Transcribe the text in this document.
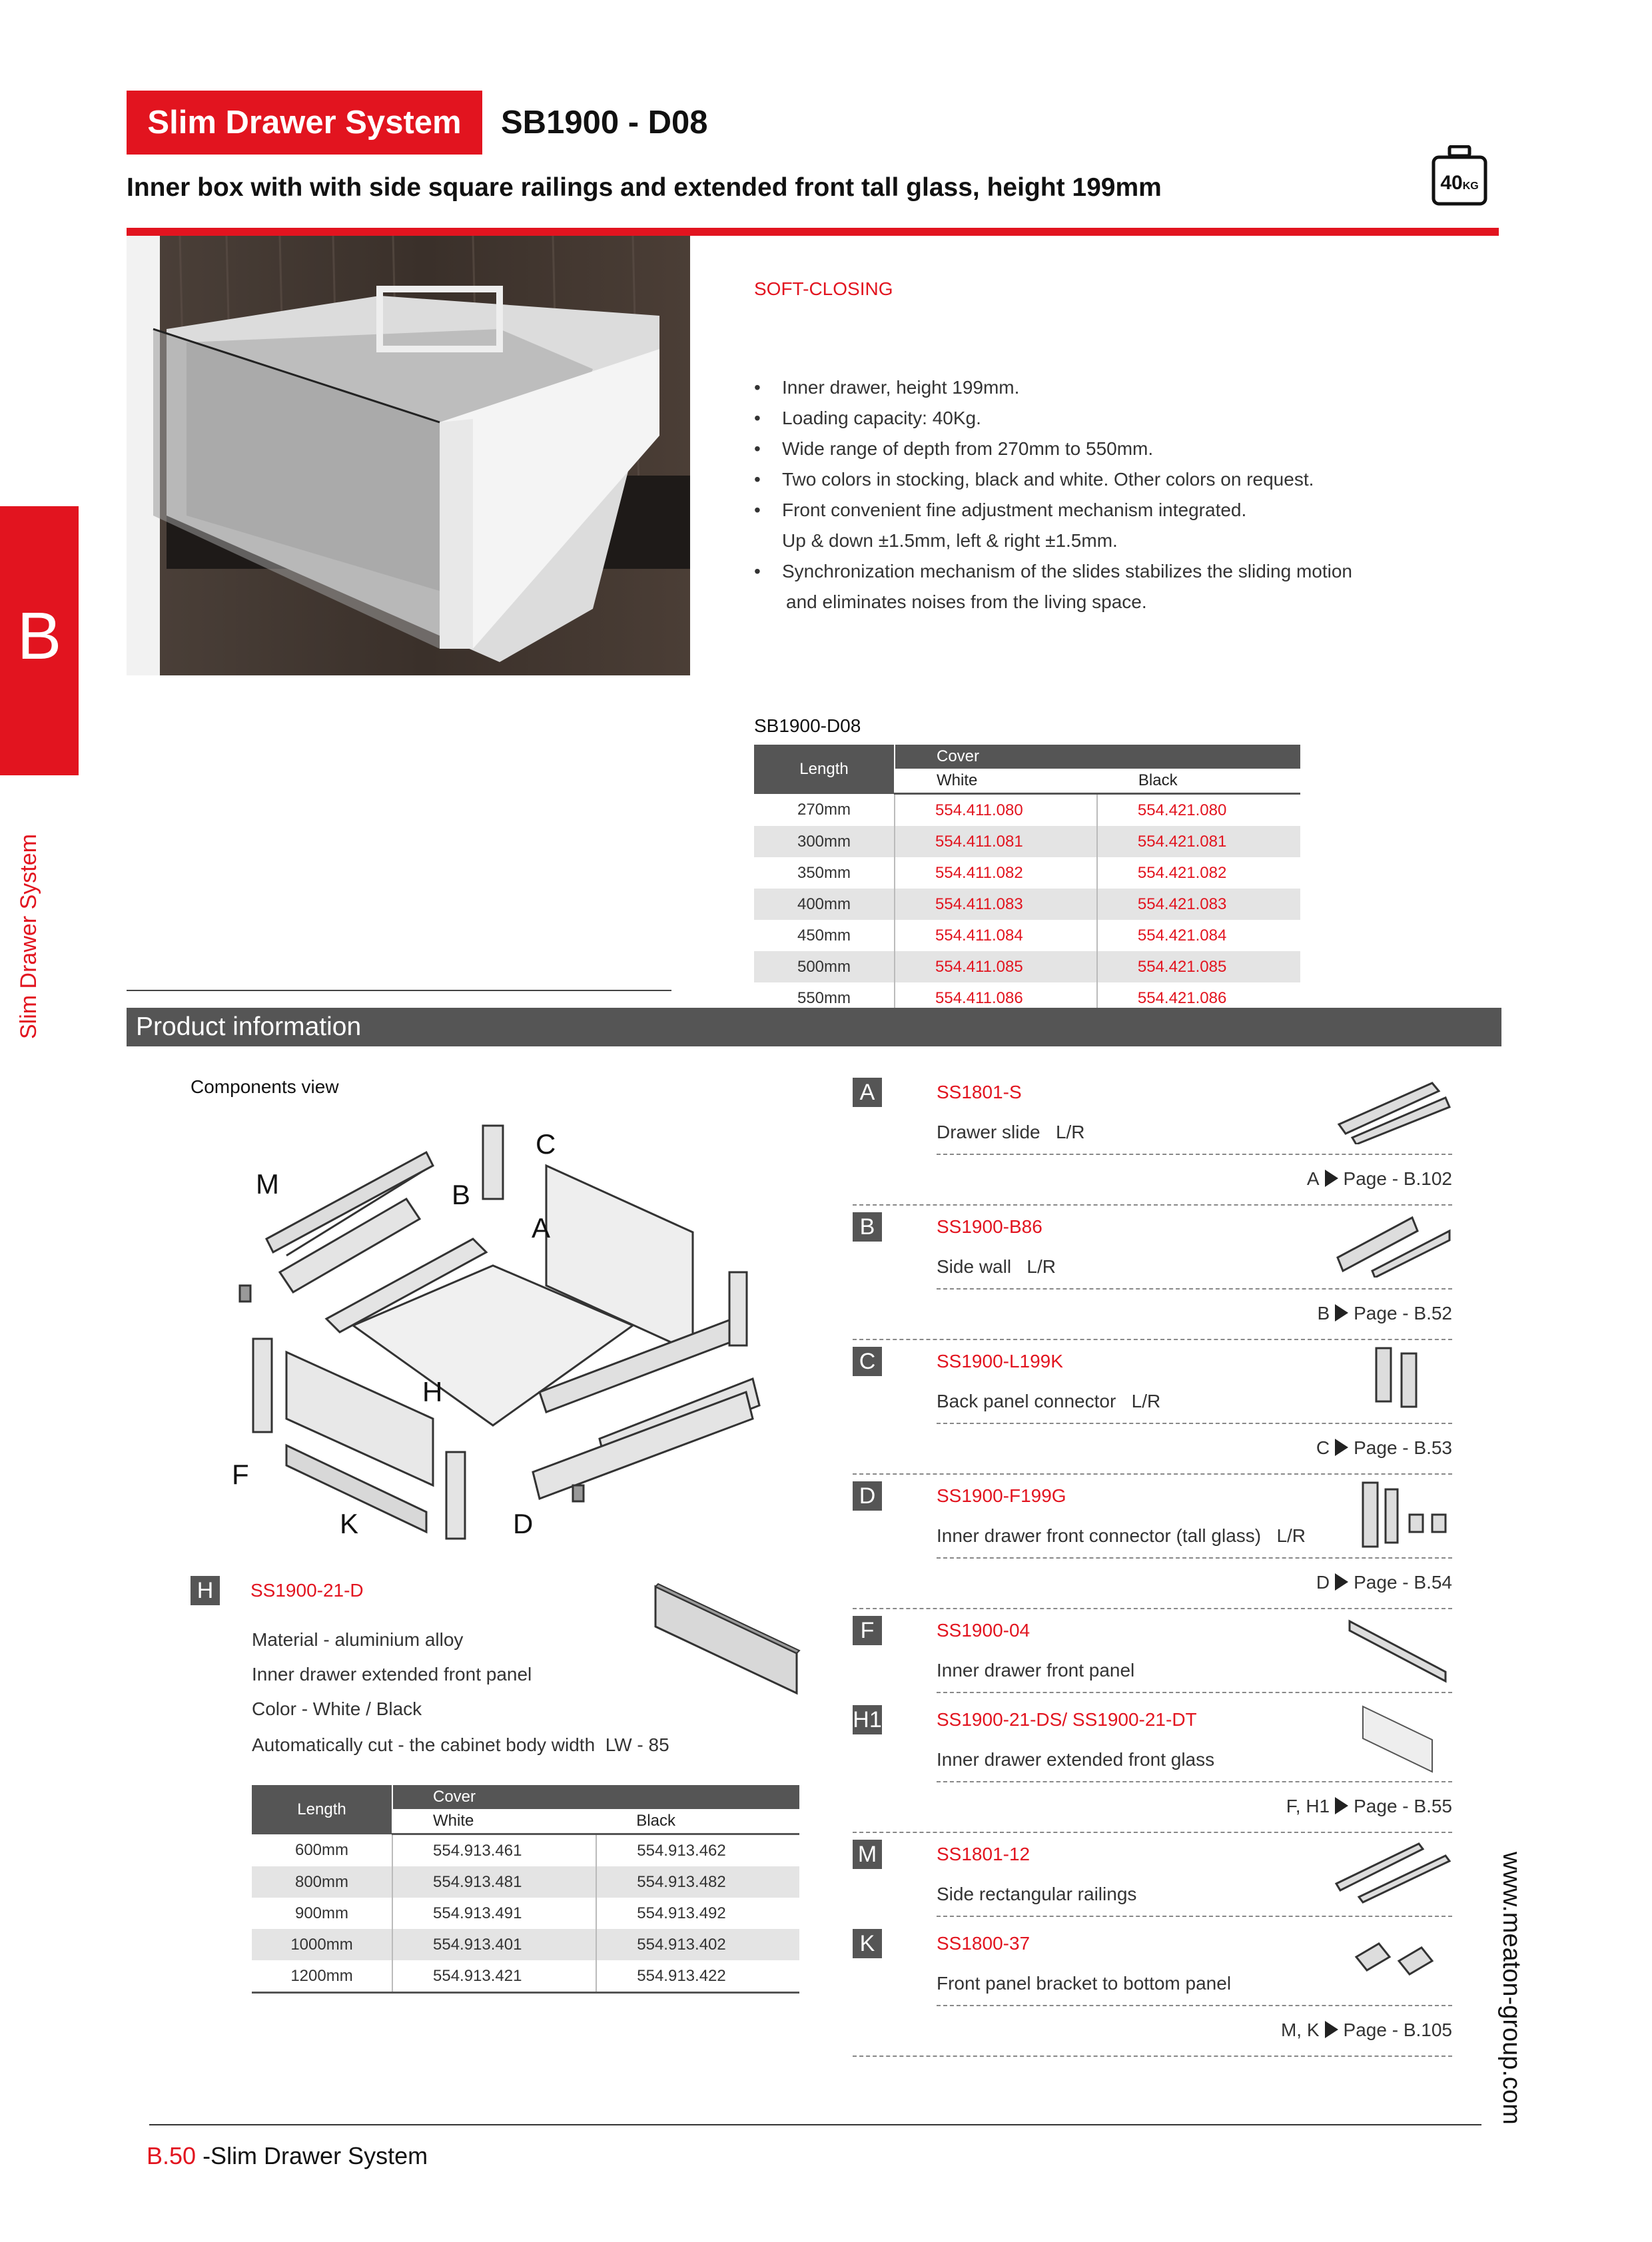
Slim Drawer System	SB1900 - D08
Inner box with with side square railings and extended front tall glass, height 199mm	40KG
B
Slim Drawer System
SOFT-CLOSING
• Inner drawer, height 199mm.
• Loading capacity: 40Kg.
• Wide range of depth from 270mm to 550mm.
• Two colors in stocking, black and white. Other colors on request.
• Front convenient fine adjustment mechanism integrated.
Up & down ±1.5mm, left & right ±1.5mm.
• Synchronization mechanism of the slides stabilizes the sliding motion
and eliminates noises from the living space.
SB1900-D08
Length	Cover	
	White	Black
270mm	554.411.080	554.421.080
300mm	554.411.081	554.421.081
350mm	554.411.082	554.421.082
400mm	554.411.083	554.421.083
450mm	554.411.084	554.421.084
500mm	554.411.085	554.421.085
550mm	554.411.086	554.421.086
Product information
Components view
M	B
C
A
H
F
K	D
H	SS1900-21-D
Material - aluminium alloy
Inner drawer extended front panel
Color - White / Black
Automatically cut - the cabinet body width  LW - 85
Length	Cover	
	White	Black
600mm	554.913.461	554.913.462
800mm	554.913.481	554.913.482
900mm	554.913.491	554.913.492
1000mm	554.913.401	554.913.402
1200mm	554.913.421	554.913.422
A	SS1801-S
Drawer slide   L/R
A Page - B.102
B	SS1900-B86
Side wall   L/R
B Page - B.52
C	SS1900-L199K
Back panel connector   L/R
C Page - B.53
D	SS1900-F199G
Inner drawer front connector (tall glass)   L/R
D Page - B.54
F	SS1900-04
Inner drawer front panel
H1	SS1900-21-DS/ SS1900-21-DT
Inner drawer extended front glass
F, H1 Page - B.55
M	SS1801-12
Side rectangular railings
K	SS1800-37
Front panel bracket to bottom panel
M, K Page - B.105 www.meaton-group.com
B.50 -Slim Drawer System
